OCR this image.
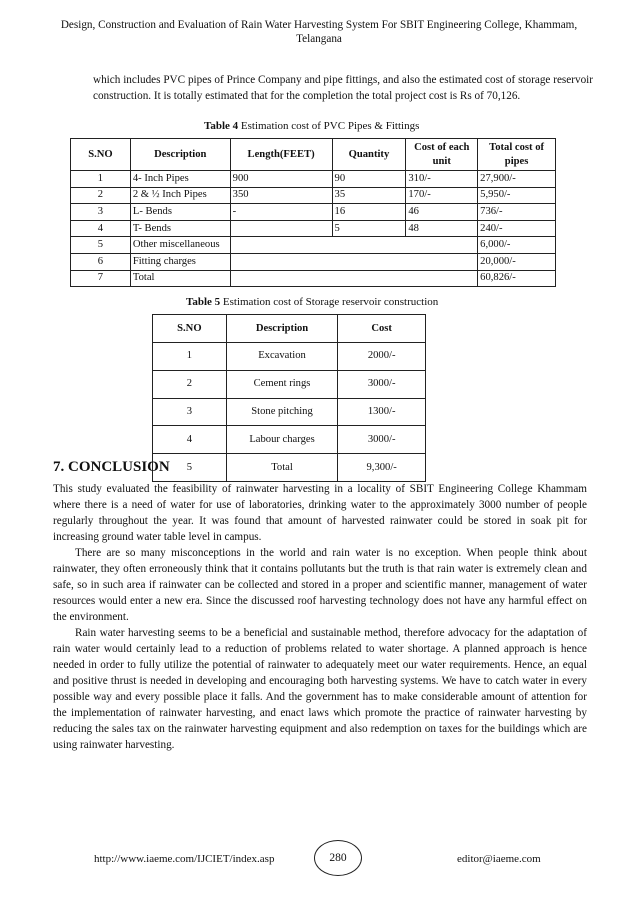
Design, Construction and Evaluation of Rain Water Harvesting System For SBIT Engineering College, Khammam, Telangana
which includes PVC pipes of Prince Company and pipe fittings, and also the estimated cost of storage reservoir construction. It is totally estimated that for the completion the total project cost is Rs of 70,126.
Table 4 Estimation cost of PVC Pipes & Fittings
S.NO	Description	Length(FEET)	Quantity	Cost of each unit	Total cost of pipes
1	4- Inch Pipes	900	90	310/-	27,900/-
2	2 & ½ Inch Pipes	350	35	170/-	5,950/-
3	L- Bends	-	16	46	736/-
4	T- Bends		5	48	240/-
5	Other miscellaneous				6,000/-
6	Fitting charges				20,000/-
7	Total				60,826/-
Table 5 Estimation cost of Storage reservoir construction
S.NO	Description	Cost
1	Excavation	2000/-
2	Cement rings	3000/-
3	Stone pitching	1300/-
4	Labour charges	3000/-
5	Total	9,300/-
7. CONCLUSION

This study evaluated the feasibility of rainwater harvesting in a locality of SBIT Engineering College Khammam where there is a need of water for use of laboratories, drinking water to the approximately 3000 number of people regularly throughout the year. It was found that amount of harvested rainwater could be stored in soak pit for increasing ground water table level in campus.

There are so many misconceptions in the world and rain water is no exception. When people think about rainwater, they often erroneously think that it contains pollutants but the truth is that rain water is extremely clean and safe, so in such area if rainwater can be collected and stored in a proper and scientific manner, management of water resources would enter a new era. Since the discussed roof harvesting technology does not have any harmful effect on the environment.

Rain water harvesting seems to be a beneficial and sustainable method, therefore advocacy for the adaptation of rain water would certainly lead to a reduction of problems related to water shortage. A planned approach is hence needed in order to fully utilize the potential of rainwater to adequately meet our water requirements. Hence, an equal and positive thrust is needed in developing and encouraging both harvesting systems. We have to catch water in every possible way and every possible place it falls. And the government has to make considerable amount of attention for the implementation of rainwater harvesting, and enact laws which promote the practice of rainwater harvesting by reducing the sales tax on the rainwater harvesting equipment and also redemption on taxes for the buildings which are using rainwater harvesting.

http://www.iaeme.com/IJCIET/index.asp	280	editor@iaeme.com
